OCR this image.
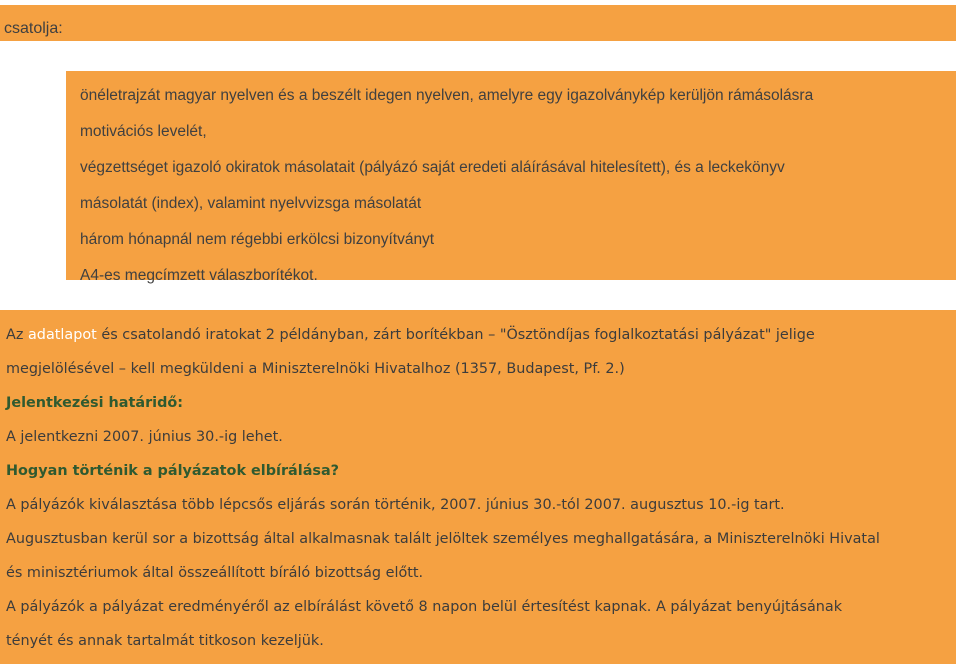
csatolja:
önéletrajzát magyar nyelven és a beszélt idegen nyelven, amelyre egy igazolványkép kerüljön rámásolásra
motivációs levelét,
végzettséget igazoló okiratok másolatait (pályázó saját eredeti aláírásával hitelesített), és a leckekönyv
másolatát (index), valamint nyelvvizsga másolatát
három hónapnál nem régebbi erkölcsi bizonyítványt
A4-es megcímzett válaszborítékot.
Az adatlapot és csatolandó iratokat 2 példányban, zárt borítékban – "Ösztöndíjas foglalkoztatási pályázat" jelige
megjelölésével – kell megküldeni a Miniszterelnöki Hivatalhoz (1357, Budapest, Pf. 2.)
Jelentkezési határidő:
A jelentkezni 2007. június 30.-ig lehet.
Hogyan történik a pályázatok elbírálása?
A pályázók kiválasztása több lépcsős eljárás során történik, 2007. június 30.-tól 2007. augusztus 10.-ig tart.
Augusztusban kerül sor a bizottság által alkalmasnak talált jelöltek személyes meghallgatására, a Miniszterelnöki Hivatal
és minisztériumok által összeállított bíráló bizottság előtt.
A pályázók a pályázat eredményéről az elbírálást követő 8 napon belül értesítést kapnak. A pályázat benyújtásának
tényét és annak tartalmát titkoson kezeljük.
